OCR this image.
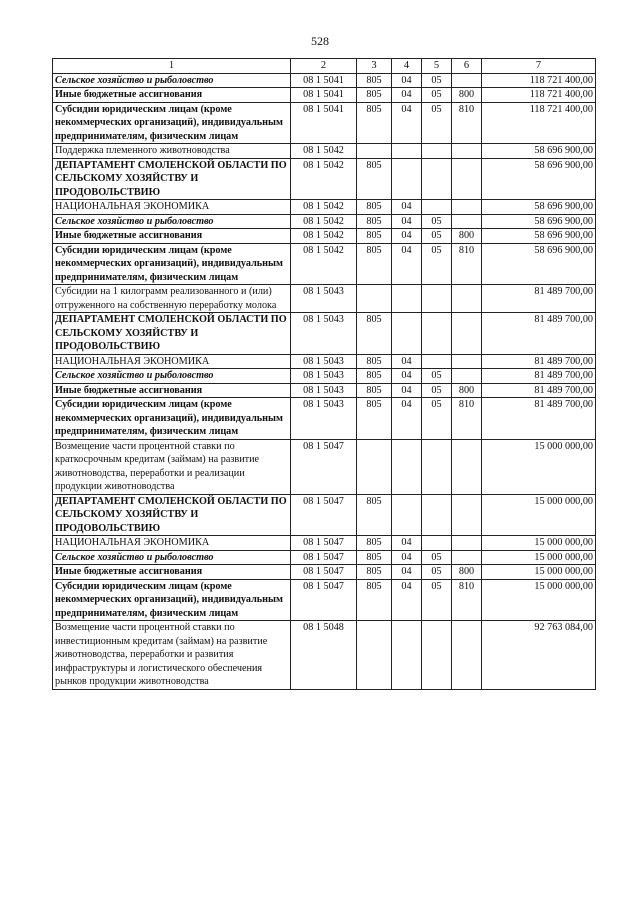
528
1	2	3	4	5	6	7
Сельское хозяйство и рыболовство	08 1 5041	805	04	05		118 721 400,00
Иные бюджетные ассигнования	08 1 5041	805	04	05	800	118 721 400,00
Субсидии юридическим лицам (кроме некоммерческих организаций), индивидуальным предпринимателям, физическим лицам	08 1 5041	805	04	05	810	118 721 400,00
Поддержка племенного животноводства	08 1 5042					58 696 900,00
ДЕПАРТАМЕНТ СМОЛЕНСКОЙ ОБЛАСТИ ПО СЕЛЬСКОМУ ХОЗЯЙСТВУ И ПРОДОВОЛЬСТВИЮ	08 1 5042	805				58 696 900,00
НАЦИОНАЛЬНАЯ ЭКОНОМИКА	08 1 5042	805	04			58 696 900,00
Сельское хозяйство и рыболовство	08 1 5042	805	04	05		58 696 900,00
Иные бюджетные ассигнования	08 1 5042	805	04	05	800	58 696 900,00
Субсидии юридическим лицам (кроме некоммерческих организаций), индивидуальным предпринимателям, физическим лицам	08 1 5042	805	04	05	810	58 696 900,00
Субсидии на 1 килограмм реализованного и (или) отгруженного на собственную переработку молока	08 1 5043					81 489 700,00
ДЕПАРТАМЕНТ СМОЛЕНСКОЙ ОБЛАСТИ ПО СЕЛЬСКОМУ ХОЗЯЙСТВУ И ПРОДОВОЛЬСТВИЮ	08 1 5043	805				81 489 700,00
НАЦИОНАЛЬНАЯ ЭКОНОМИКА	08 1 5043	805	04			81 489 700,00
Сельское хозяйство и рыболовство	08 1 5043	805	04	05		81 489 700,00
Иные бюджетные ассигнования	08 1 5043	805	04	05	800	81 489 700,00
Субсидии юридическим лицам (кроме некоммерческих организаций), индивидуальным предпринимателям, физическим лицам	08 1 5043	805	04	05	810	81 489 700,00
Возмещение части процентной ставки по краткосрочным кредитам (займам) на развитие животноводства, переработки и реализации продукции животноводства	08 1 5047					15 000 000,00
ДЕПАРТАМЕНТ СМОЛЕНСКОЙ ОБЛАСТИ ПО СЕЛЬСКОМУ ХОЗЯЙСТВУ И ПРОДОВОЛЬСТВИЮ	08 1 5047	805				15 000 000,00
НАЦИОНАЛЬНАЯ ЭКОНОМИКА	08 1 5047	805	04			15 000 000,00
Сельское хозяйство и рыболовство	08 1 5047	805	04	05		15 000 000,00
Иные бюджетные ассигнования	08 1 5047	805	04	05	800	15 000 000,00
Субсидии юридическим лицам (кроме некоммерческих организаций), индивидуальным предпринимателям, физическим лицам	08 1 5047	805	04	05	810	15 000 000,00
Возмещение части процентной ставки по инвестиционным кредитам (займам) на развитие животноводства, переработки и развития инфраструктуры и логистического обеспечения рынков продукции животноводства	08 1 5048					92 763 084,00
